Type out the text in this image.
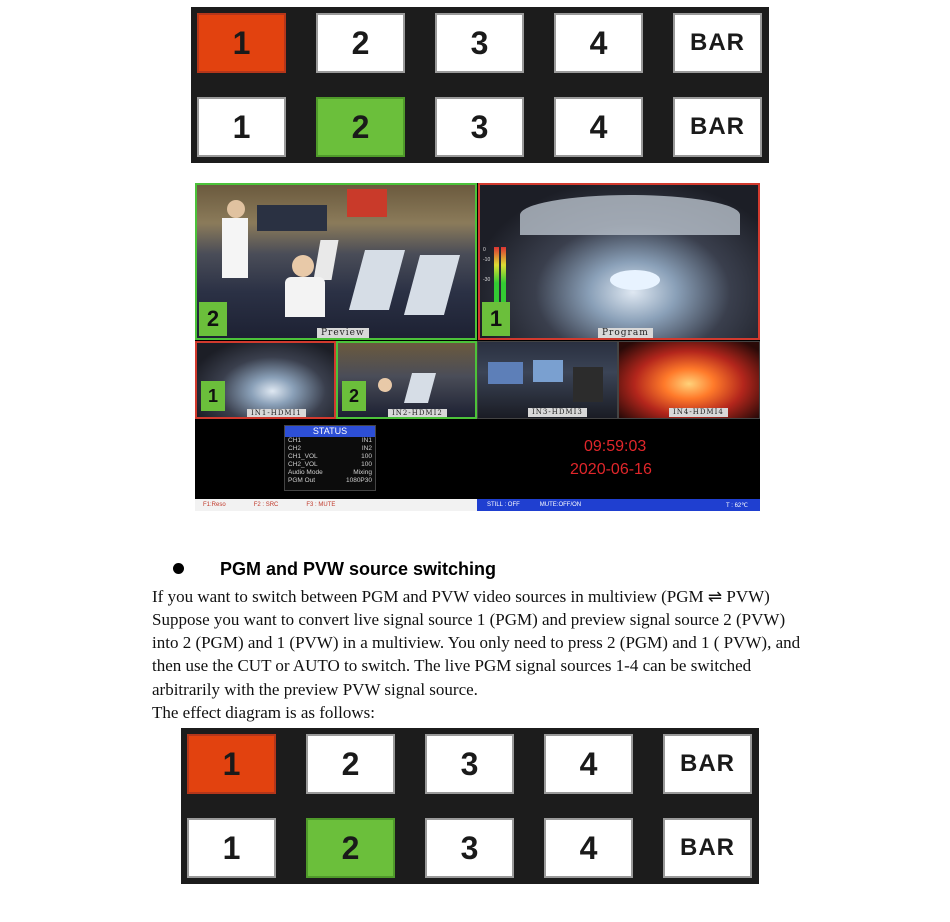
1	2	3	4	BAR
1	2	3	4	BAR
2
Preview
0
-10
-30
1
Program
1
IN1-HDMI1
2
IN2-HDMI2	IN3-HDMI3	IN4-HDMI4
STATUS
CH1	IN1
CH2	IN2
CH1_VOL	100
CH2_VOL	100
Audio Mode	Mixing
PGM Out	1080P30
09:59:03
2020-06-16
F1:Reso	F2 : SRC	F3 : MUTE	STILL : OFF	MUTE:OFF/ON	T : 62℃
PGM and PVW source switching
If you want to switch between PGM and PVW video sources in multiview (PGM ⇌ PVW)
Suppose you want to convert live signal source 1 (PGM) and preview signal source 2 (PVW)
into 2 (PGM) and 1 (PVW) in a multiview. You only need to press 2 (PGM) and 1 ( PVW), and
then use the CUT or AUTO to switch. The live PGM signal sources 1-4 can be switched
arbitrarily with the preview PVW signal source.
The effect diagram is as follows:
1	2	3	4	BAR
1	2	3	4	BAR
